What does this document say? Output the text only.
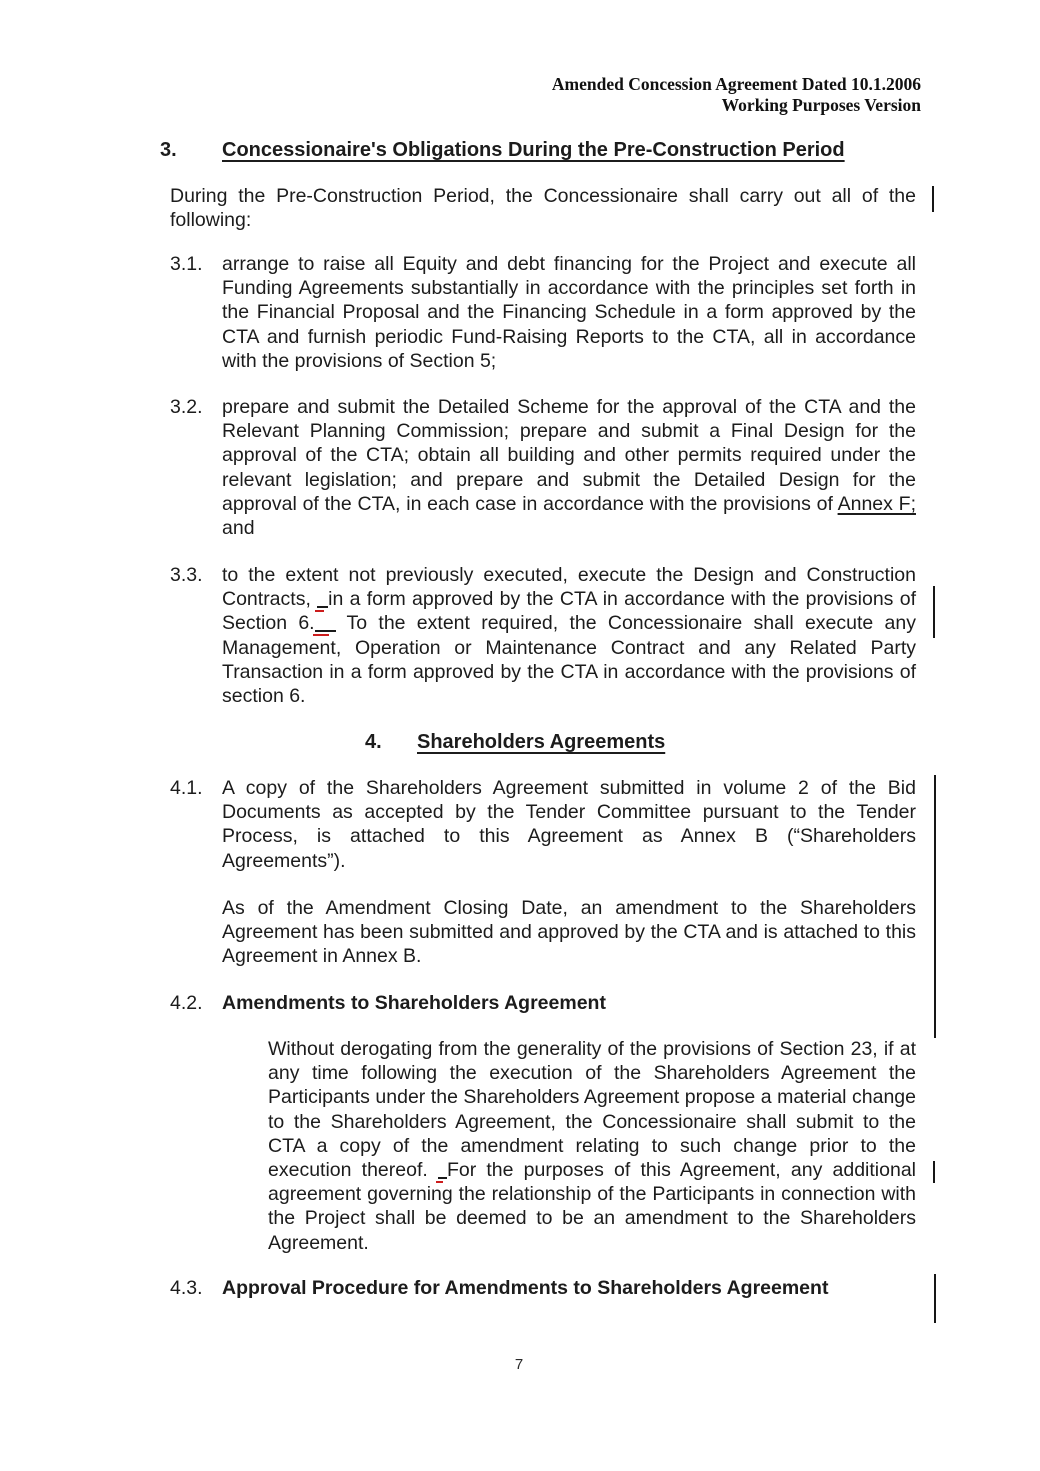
Amended Concession Agreement Dated 10.1.2006
Working Purposes Version
3.	Concessionaire's Obligations During the Pre-Construction Period
During the Pre-Construction Period, the Concessionaire shall carry out all of the following:
3.1. arrange to raise all Equity and debt financing for the Project and execute all Funding Agreements substantially in accordance with the principles set forth in the Financial Proposal and the Financing Schedule in a form approved by the CTA and furnish periodic Fund-Raising Reports to the CTA, all in accordance with the provisions of Section 5;
3.2. prepare and submit the Detailed Scheme for the approval of the CTA and the Relevant Planning Commission; prepare and submit a Final Design for the approval of the CTA; obtain all building and other permits required under the relevant legislation; and prepare and submit the Detailed Design for the approval of the CTA, in each case in accordance with the provisions of Annex F; and
3.3. to the extent not previously executed, execute the Design and Construction Contracts, in a form approved by the CTA in accordance with the provisions of Section 6. To the extent required, the Concessionaire shall execute any Management, Operation or Maintenance Contract and any Related Party Transaction in a form approved by the CTA in accordance with the provisions of section 6.
4.	Shareholders Agreements
4.1. A copy of the Shareholders Agreement submitted in volume 2 of the Bid Documents as accepted by the Tender Committee pursuant to the Tender Process, is attached to this Agreement as Annex B (“Shareholders Agreements”).
As of the Amendment Closing Date, an amendment to the Shareholders Agreement has been submitted and approved by the CTA and is attached to this Agreement in Annex B.
4.2. Amendments to Shareholders Agreement
Without derogating from the generality of the provisions of Section 23, if at any time following the execution of the Shareholders Agreement the Participants under the Shareholders Agreement propose a material change to the Shareholders Agreement, the Concessionaire shall submit to the CTA a copy of the amendment relating to such change prior to the execution thereof. For the purposes of this Agreement, any additional agreement governing the relationship of the Participants in connection with the Project shall be deemed to be an amendment to the Shareholders Agreement.
4.3. Approval Procedure for Amendments to Shareholders Agreement
7
